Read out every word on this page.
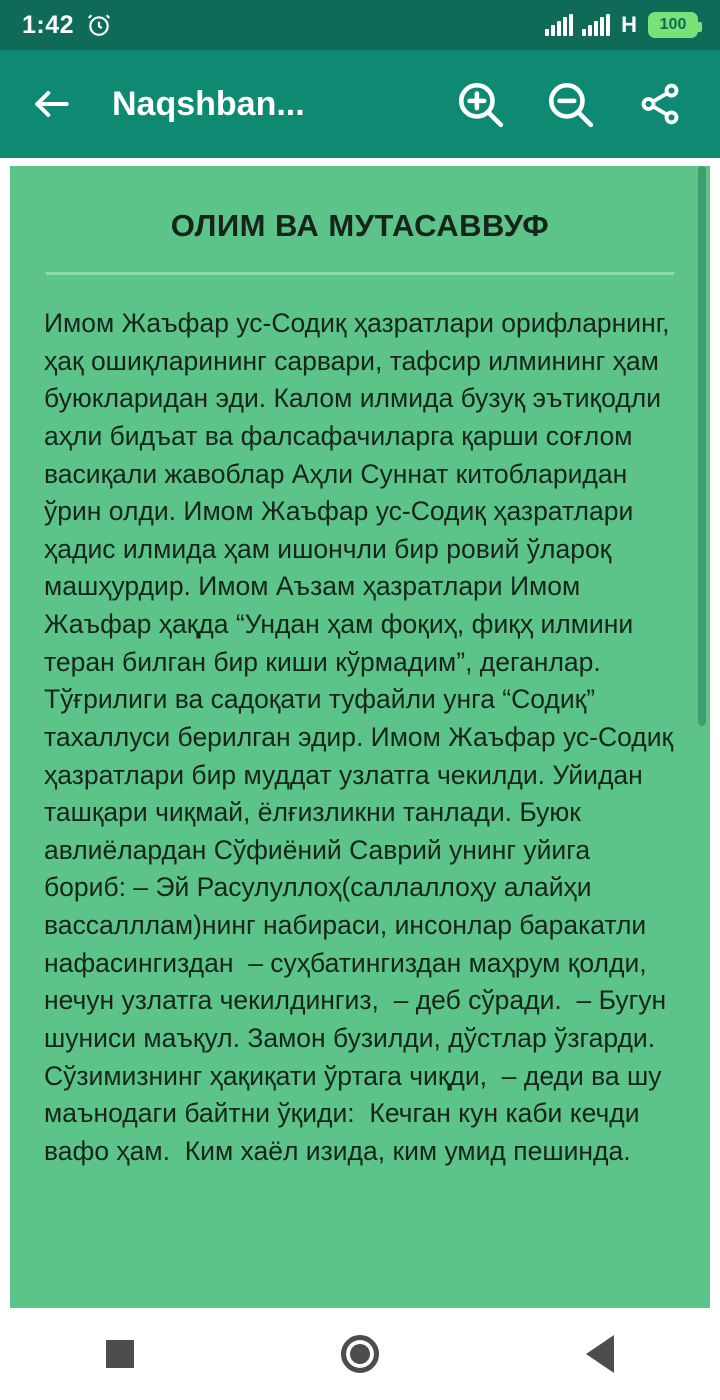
1:42	H 100
Naqshban...
ОЛИМ ВА МУТАСАВВУФ
Имом Жаъфар ус-Содиқ ҳазратлари орифларнинг, ҳақ ошиқларининг сарвари, тафсир илмининг ҳам буюкларидан эди. Калом илмида бузуқ эътиқодли аҳли бидъат ва фалсафачиларга қарши соғлом васиқали жавоблар Аҳли Суннат китобларидан ўрин олди. Имом Жаъфар ус-Содиқ ҳазратлари ҳадис илмида ҳам ишончли бир ровий ўлароқ машҳурдир. Имом Аъзам ҳазратлари Имом Жаъфар ҳақда “Ундан ҳам фоқиҳ, фиқҳ илмини теран билган бир киши кўрмадим”, деганлар. Тўғрилиги ва садоқати туфайли унга “Содиқ” тахаллуси берилган эдир. Имом Жаъфар ус-Содиқ ҳазратлари бир муддат узлатга чекилди. Уйидан ташқари чиқмай, ёлғизликни танлади. Буюк авлиёлардан Сўфиёний Саврий унинг уйига бориб: – Эй Расулуллоҳ(саллаллоҳу алайҳи вассалллам)нинг набираси, инсонлар баракатли нафасингиздан  – суҳбатингиздан маҳрум қолди, нечун узлатга чекилдингиз,  – деб сўради.  – Бугун шуниси маъқул. Замон бузилди, дўстлар ўзгарди. Сўзимизнинг ҳақиқати ўртага чиқди,  – деди ва шу маънодаги байтни ўқиди:  Кечган кун каби кечди вафо ҳам.  Ким хаёл изида, ким умид пешинда.
